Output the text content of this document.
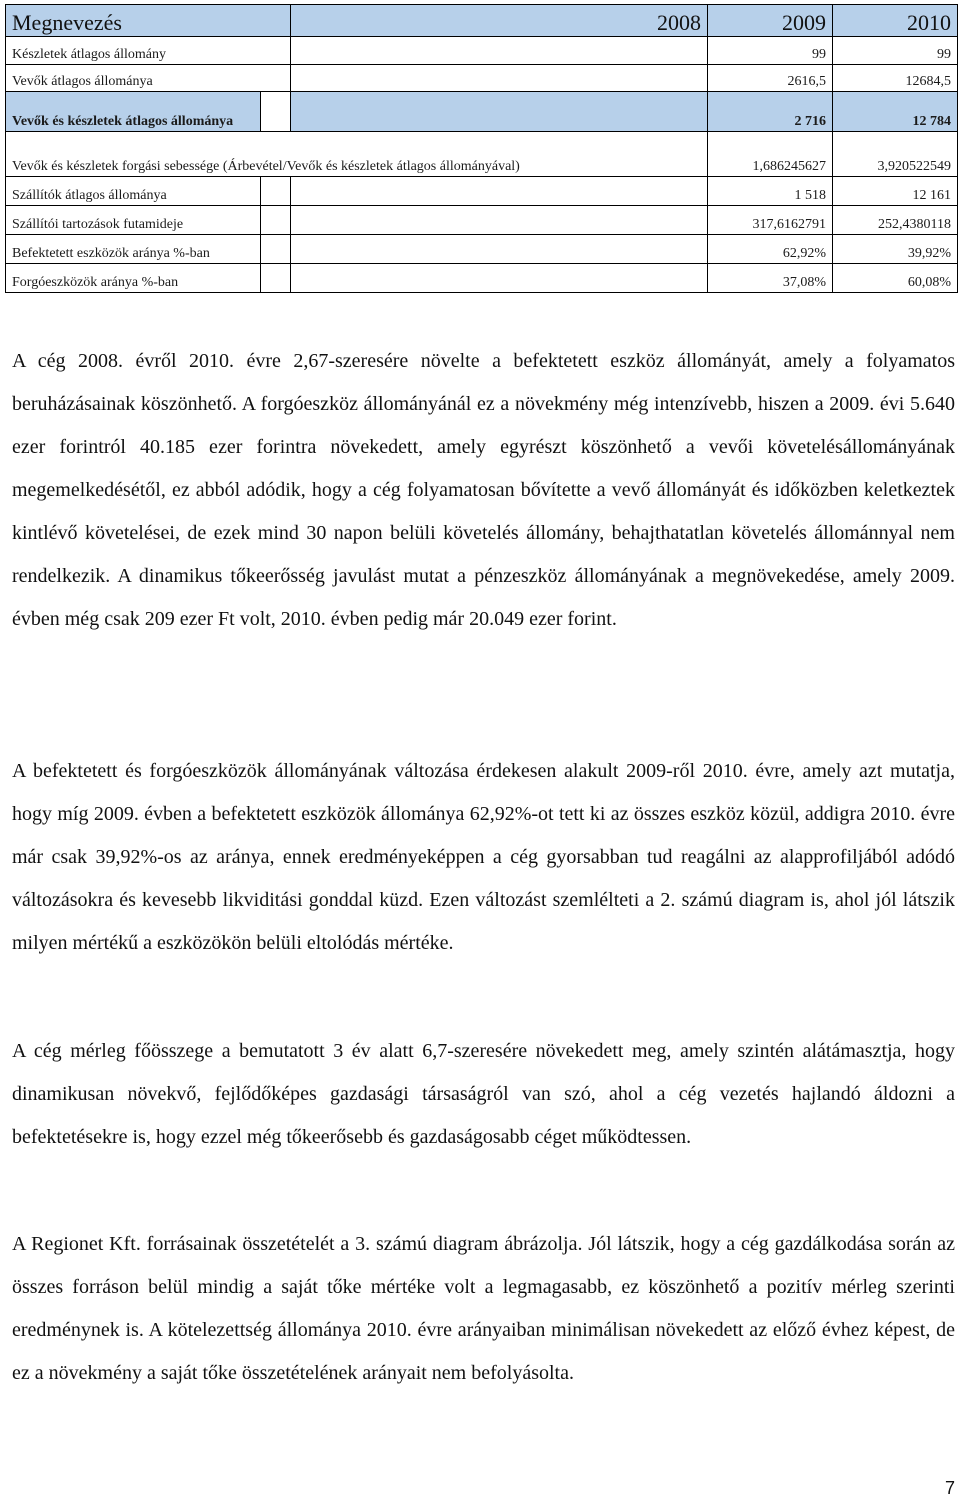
Megnevezés		2008	2009	2010
Készletek átlagos állomány			99	99
Vevők átlagos állománya			2616,5	12684,5
Vevők és készletek átlagos állománya			2 716	12 784
Vevők és készletek forgási sebessége (Árbevétel/Vevők és készletek átlagos állományával)			1,686245627	3,920522549
Szállítók átlagos állománya			1 518	12 161
Szállítói tartozások futamideje			317,6162791	252,4380118
Befektetett eszközök aránya %-ban			62,92%	39,92%
Forgóeszközök aránya %-ban			37,08%	60,08%

A cég 2008. évről 2010. évre 2,67-szeresére növelte a befektetett eszköz állományát, amely a folyamatos beruházásainak köszönhető. A forgóeszköz állományánál ez a növekmény még intenzívebb, hiszen a 2009. évi 5.640 ezer forintról 40.185 ezer forintra növekedett, amely egyrészt köszönhető a vevői követelésállományának megemelkedésétől, ez abból adódik, hogy a cég folyamatosan bővítette a vevő állományát és időközben keletkeztek kintlévő követelései, de ezek mind 30 napon belüli követelés állomány, behajthatatlan követelés állománnyal nem rendelkezik. A dinamikus tőkeerősség javulást mutat a pénzeszköz állományának a megnövekedése, amely 2009. évben még csak 209 ezer Ft volt, 2010. évben pedig már 20.049 ezer forint.

A befektetett és forgóeszközök állományának változása érdekesen alakult 2009-ről 2010. évre, amely azt mutatja, hogy míg 2009. évben a befektetett eszközök állománya 62,92%-ot tett ki az összes eszköz közül, addigra 2010. évre már csak 39,92%-os az aránya, ennek eredményeképpen a cég gyorsabban tud reagálni az alapprofiljából adódó változásokra és kevesebb likviditási gonddal küzd. Ezen változást szemlélteti a 2. számú diagram is, ahol jól látszik milyen mértékű a eszközökön belüli eltolódás mértéke.

A cég mérleg főösszege a bemutatott 3 év alatt 6,7-szeresére növekedett meg, amely szintén alátámasztja, hogy dinamikusan növekvő, fejlődőképes gazdasági társaságról van szó, ahol a cég vezetés hajlandó áldozni a befektetésekre is, hogy ezzel még tőkeerősebb és gazdaságosabb céget működtessen.

A Regionet Kft. forrásainak összetételét a 3. számú diagram ábrázolja. Jól látszik, hogy a cég gazdálkodása során az összes forráson belül mindig a saját tőke mértéke volt a legmagasabb, ez köszönhető a pozitív mérleg szerinti eredménynek is. A kötelezettség állománya 2010. évre arányaiban minimálisan növekedett az előző évhez képest, de ez a növekmény a saját tőke összetételének arányait nem befolyásolta.

7
